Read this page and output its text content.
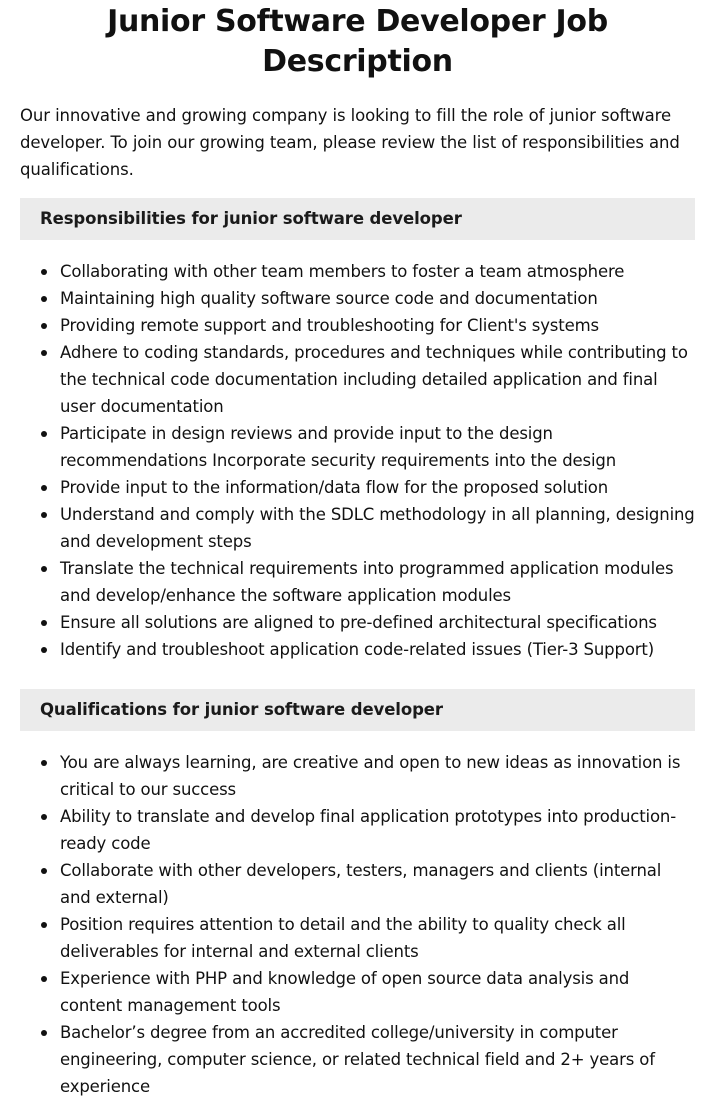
Junior Software Developer Job Description

Our innovative and growing company is looking to fill the role of junior software developer. To join our growing team, please review the list of responsibilities and qualifications.

Responsibilities for junior software developer
Collaborating with other team members to foster a team atmosphere
Maintaining high quality software source code and documentation
Providing remote support and troubleshooting for Client's systems
Adhere to coding standards, procedures and techniques while contributing to the technical code documentation including detailed application and final user documentation
Participate in design reviews and provide input to the design recommendations Incorporate security requirements into the design
Provide input to the information/data flow for the proposed solution
Understand and comply with the SDLC methodology in all planning, designing and development steps
Translate the technical requirements into programmed application modules and develop/enhance the software application modules
Ensure all solutions are aligned to pre-defined architectural specifications
Identify and troubleshoot application code-related issues (Tier-3 Support)
Qualifications for junior software developer
You are always learning, are creative and open to new ideas as innovation is critical to our success
Ability to translate and develop final application prototypes into production-ready code
Collaborate with other developers, testers, managers and clients (internal and external)
Position requires attention to detail and the ability to quality check all deliverables for internal and external clients
Experience with PHP and knowledge of open source data analysis and content management tools
Bachelor’s degree from an accredited college/university in computer engineering, computer science, or related technical field and 2+ years of experience
